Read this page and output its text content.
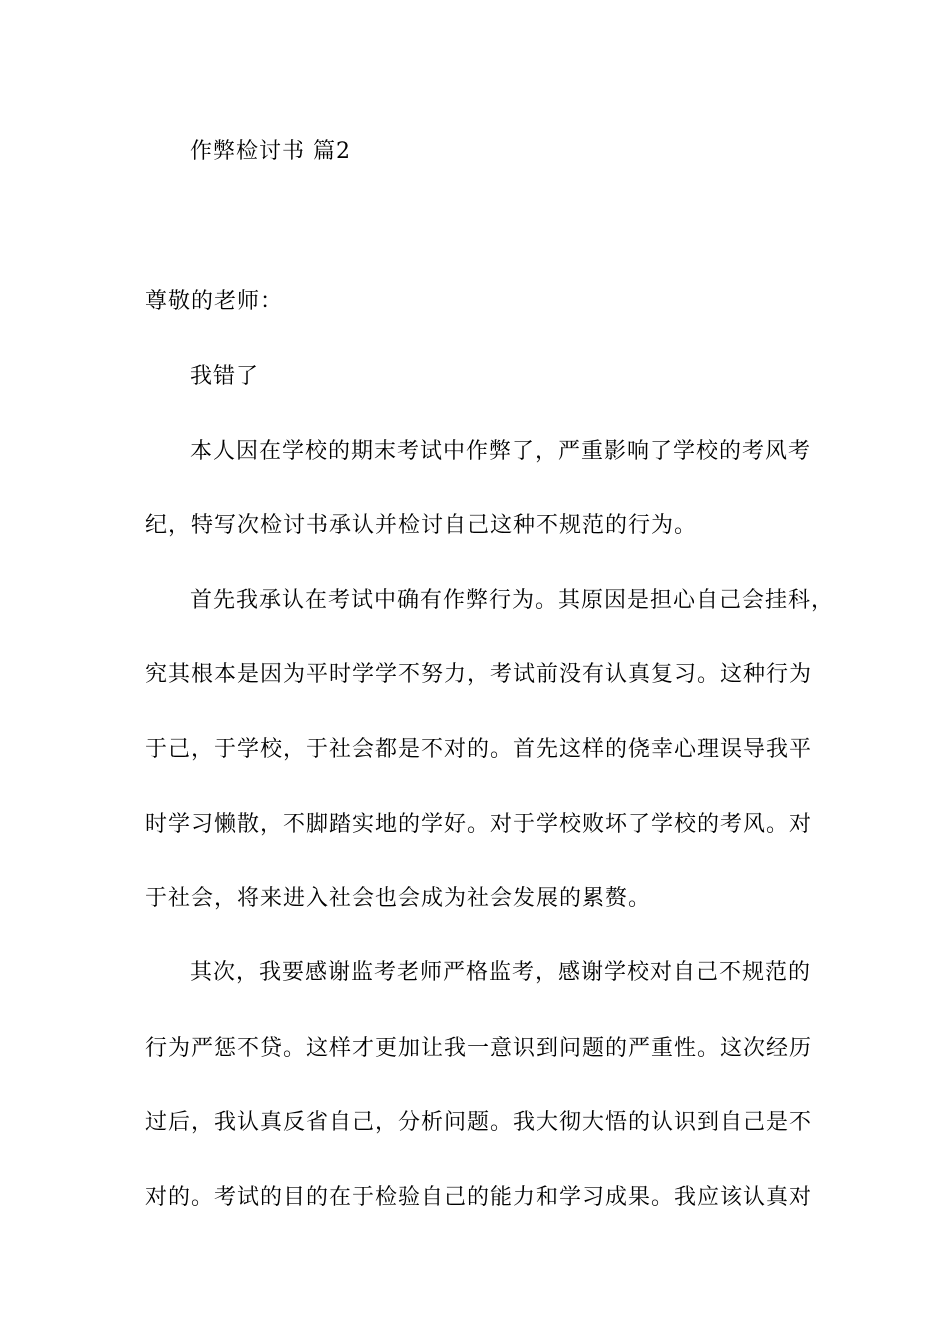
作弊检讨书 篇2
尊敬的老师：
我错了
本人因在学校的期末考试中作弊了，严重影响了学校的考风考
纪，特写次检讨书承认并检讨自己这种不规范的行为。
首先我承认在考试中确有作弊行为。其原因是担心自己会挂科，
究其根本是因为平时学学不努力，考试前没有认真复习。这种行为
于己，于学校，于社会都是不对的。首先这样的侥幸心理误导我平
时学习懒散，不脚踏实地的学好。对于学校败坏了学校的考风。对
于社会，将来进入社会也会成为社会发展的累赘。
其次，我要感谢监考老师严格监考，感谢学校对自己不规范的
行为严惩不贷。这样才更加让我一意识到问题的严重性。这次经历
过后，我认真反省自己，分析问题。我大彻大悟的认识到自己是不
对的。考试的目的在于检验自己的能力和学习成果。我应该认真对
